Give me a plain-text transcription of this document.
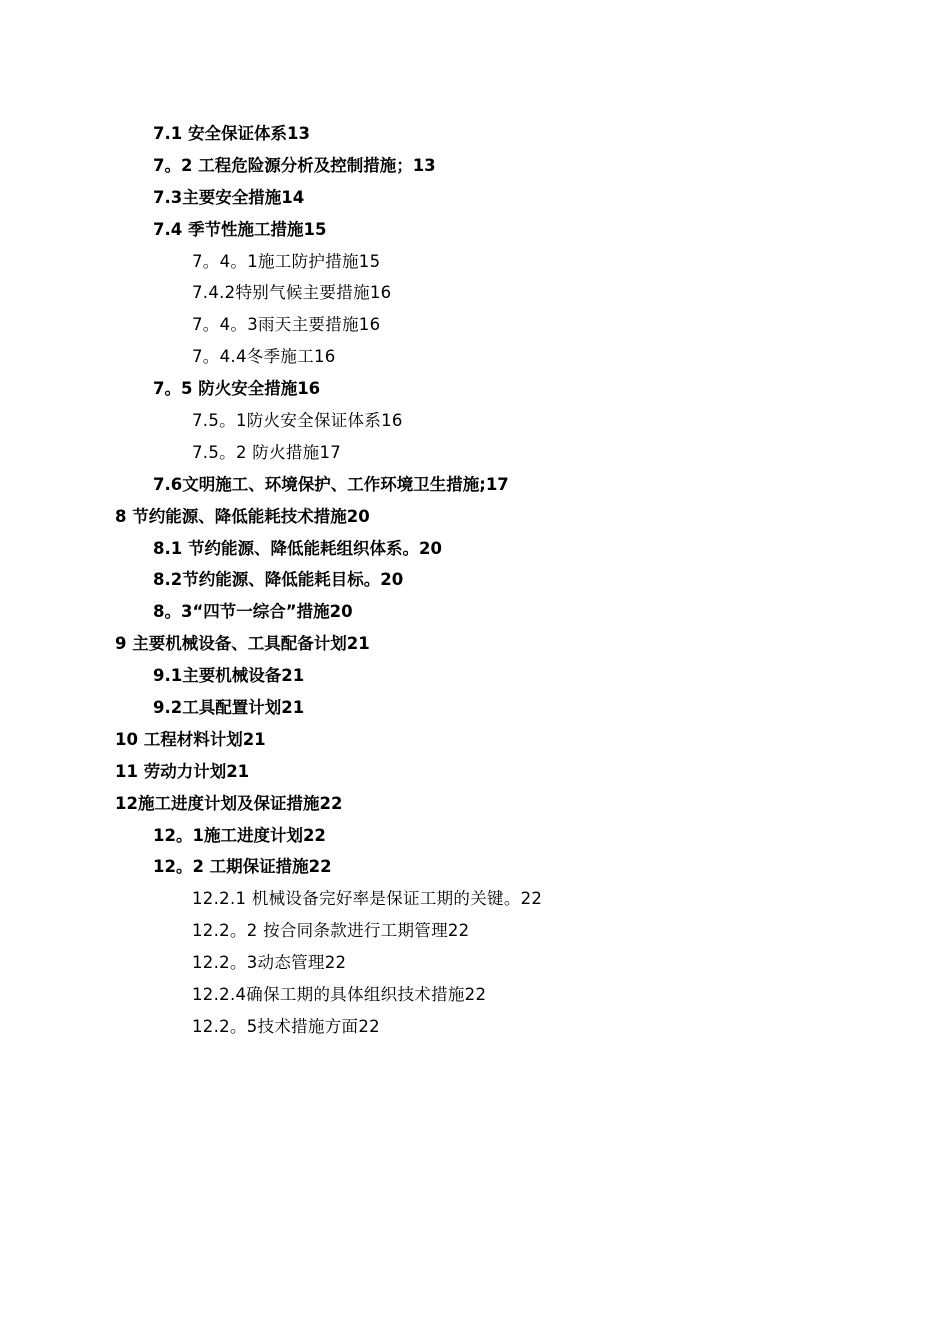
7.1 安全保证体系13
7。2 工程危险源分析及控制措施；13
7.3主要安全措施14
7.4 季节性施工措施15
7。4。1施工防护措施15
7.4.2特别气候主要措施16
7。4。3雨天主要措施16
7。4.4冬季施工16
7。5 防火安全措施16
7.5。1防火安全保证体系16
7.5。2 防火措施17
7.6文明施工、环境保护、工作环境卫生措施;17
8 节约能源、降低能耗技术措施20
8.1 节约能源、降低能耗组织体系。20
8.2节约能源、降低能耗目标。20
8。3“四节一综合”措施20
9 主要机械设备、工具配备计划21
9.1主要机械设备21
9.2工具配置计划21
10 工程材料计划21
11 劳动力计划21
12施工进度计划及保证措施22
12。1施工进度计划22
12。2 工期保证措施22
12.2.1 机械设备完好率是保证工期的关键。22
12.2。2 按合同条款进行工期管理22
12.2。3动态管理22
12.2.4确保工期的具体组织技术措施22
12.2。5技术措施方面22
